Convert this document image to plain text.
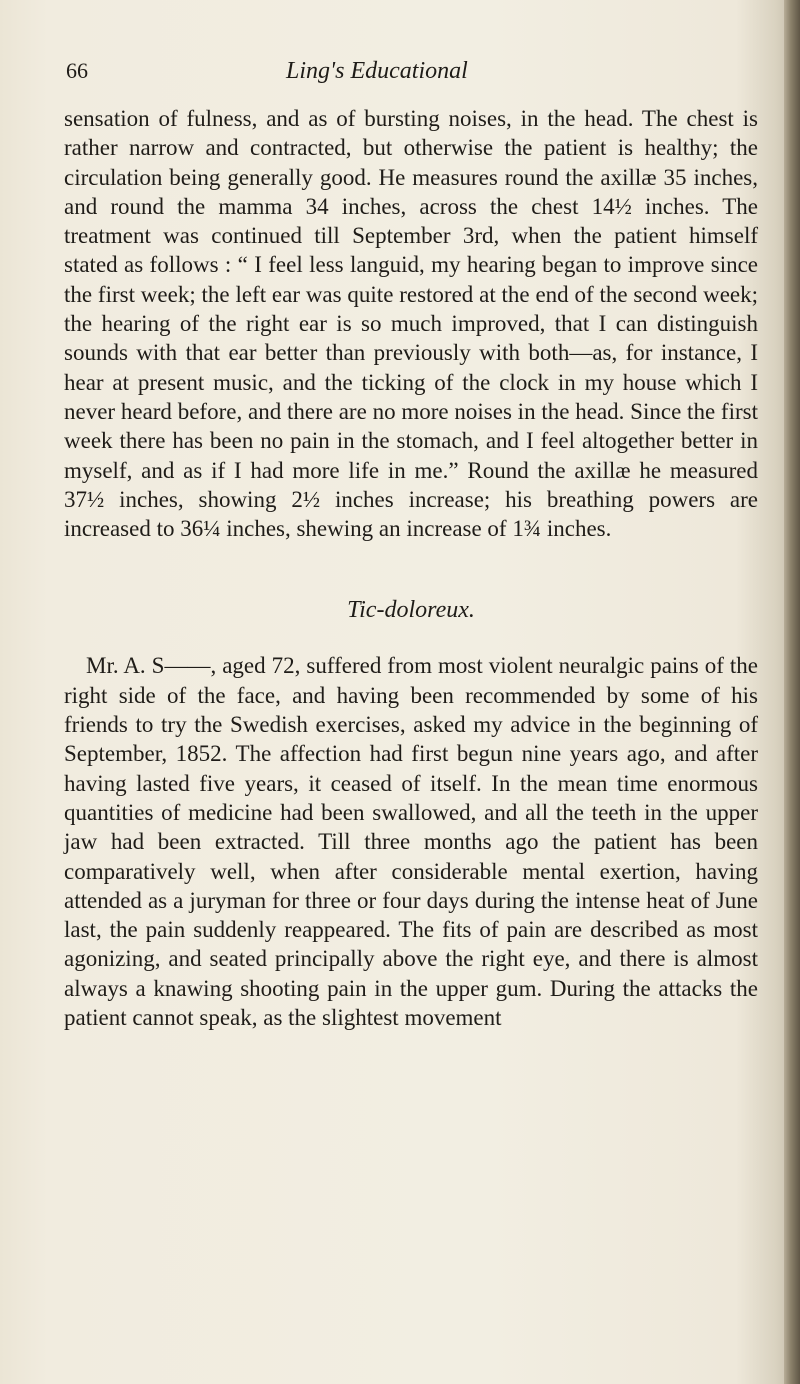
66	Ling's Educational

sensation of fulness, and as of bursting noises, in the head. The chest is rather narrow and contracted, but otherwise the patient is healthy; the circulation being generally good. He measures round the axillæ 35 inches, and round the mamma 34 inches, across the chest 14½ inches. The treatment was continued till September 3rd, when the patient himself stated as follows : “ I feel less languid, my hearing began to improve since the first week; the left ear was quite restored at the end of the second week; the hearing of the right ear is so much improved, that I can distinguish sounds with that ear better than previously with both—as, for instance, I hear at present music, and the ticking of the clock in my house which I never heard before, and there are no more noises in the head. Since the first week there has been no pain in the stomach, and I feel altogether better in myself, and as if I had more life in me.” Round the axillæ he measured 37½ inches, showing 2½ inches increase; his breathing powers are increased to 36¼ inches, shewing an increase of 1¾ inches.

Tic-doloreux.

Mr. A. S——, aged 72, suffered from most violent neuralgic pains of the right side of the face, and having been recommended by some of his friends to try the Swedish exercises, asked my advice in the beginning of September, 1852. The affection had first begun nine years ago, and after having lasted five years, it ceased of itself. In the mean time enormous quantities of medicine had been swallowed, and all the teeth in the upper jaw had been extracted. Till three months ago the patient has been comparatively well, when after considerable mental exertion, having attended as a juryman for three or four days during the intense heat of June last, the pain suddenly reappeared. The fits of pain are described as most agonizing, and seated principally above the right eye, and there is almost always a knawing shooting pain in the upper gum. During the attacks the patient cannot speak, as the slightest movement
